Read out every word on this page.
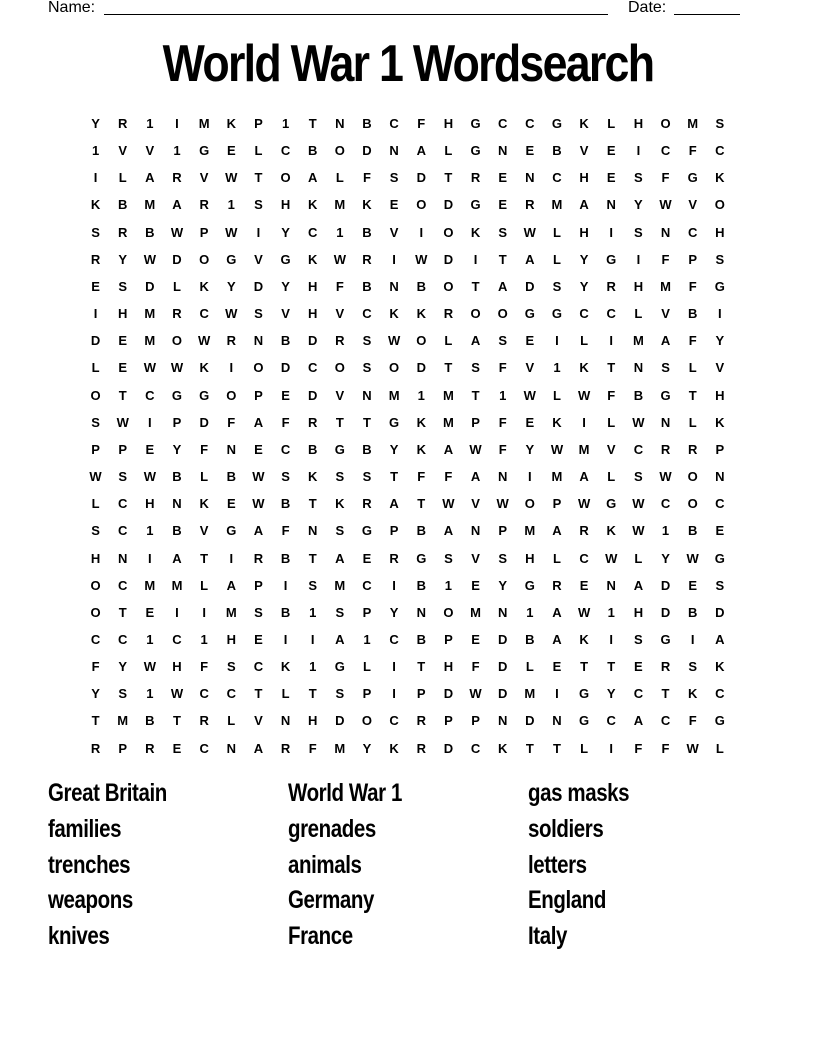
Name:	Date:
World War 1 Wordsearch
Y	R	1	I	M	K	P	1	T	N	B	C	F	H	G	C	C	G	K	L	H	O	M	S
1	V	V	1	G	E	L	C	B	O	D	N	A	L	G	N	E	B	V	E	I	C	F	C
I	L	A	R	V	W	T	O	A	L	F	S	D	T	R	E	N	C	H	E	S	F	G	K
K	B	M	A	R	1	S	H	K	M	K	E	O	D	G	E	R	M	A	N	Y	W	V	O
S	R	B	W	P	W	I	Y	C	1	B	V	I	O	K	S	W	L	H	I	S	N	C	H
R	Y	W	D	O	G	V	G	K	W	R	I	W	D	I	T	A	L	Y	G	I	F	P	S
E	S	D	L	K	Y	D	Y	H	F	B	N	B	O	T	A	D	S	Y	R	H	M	F	G
I	H	M	R	C	W	S	V	H	V	C	K	K	R	O	O	G	G	C	C	L	V	B	I
D	E	M	O	W	R	N	B	D	R	S	W	O	L	A	S	E	I	L	I	M	A	F	Y
L	E	W	W	K	I	O	D	C	O	S	O	D	T	S	F	V	1	K	T	N	S	L	V
O	T	C	G	G	O	P	E	D	V	N	M	1	M	T	1	W	L	W	F	B	G	T	H
S	W	I	P	D	F	A	F	R	T	T	G	K	M	P	F	E	K	I	L	W	N	L	K
P	P	E	Y	F	N	E	C	B	G	B	Y	K	A	W	F	Y	W	M	V	C	R	R	P
W	S	W	B	L	B	W	S	K	S	S	T	F	F	A	N	I	M	A	L	S	W	O	N
L	C	H	N	K	E	W	B	T	K	R	A	T	W	V	W	O	P	W	G	W	C	O	C
S	C	1	B	V	G	A	F	N	S	G	P	B	A	N	P	M	A	R	K	W	1	B	E
H	N	I	A	T	I	R	B	T	A	E	R	G	S	V	S	H	L	C	W	L	Y	W	G
O	C	M	M	L	A	P	I	S	M	C	I	B	1	E	Y	G	R	E	N	A	D	E	S
O	T	E	I	I	M	S	B	1	S	P	Y	N	O	M	N	1	A	W	1	H	D	B	D
C	C	1	C	1	H	E	I	I	A	1	C	B	P	E	D	B	A	K	I	S	G	I	A
F	Y	W	H	F	S	C	K	1	G	L	I	T	H	F	D	L	E	T	T	E	R	S	K
Y	S	1	W	C	C	T	L	T	S	P	I	P	D	W	D	M	I	G	Y	C	T	K	C
T	M	B	T	R	L	V	N	H	D	O	C	R	P	P	N	D	N	G	C	A	C	F	G
R	P	R	E	C	N	A	R	F	M	Y	K	R	D	C	K	T	T	L	I	F	F	W	L
Great Britain
families
trenches
weapons
knives
World War 1
grenades
animals
Germany
France
gas masks
soldiers
letters
England
Italy
